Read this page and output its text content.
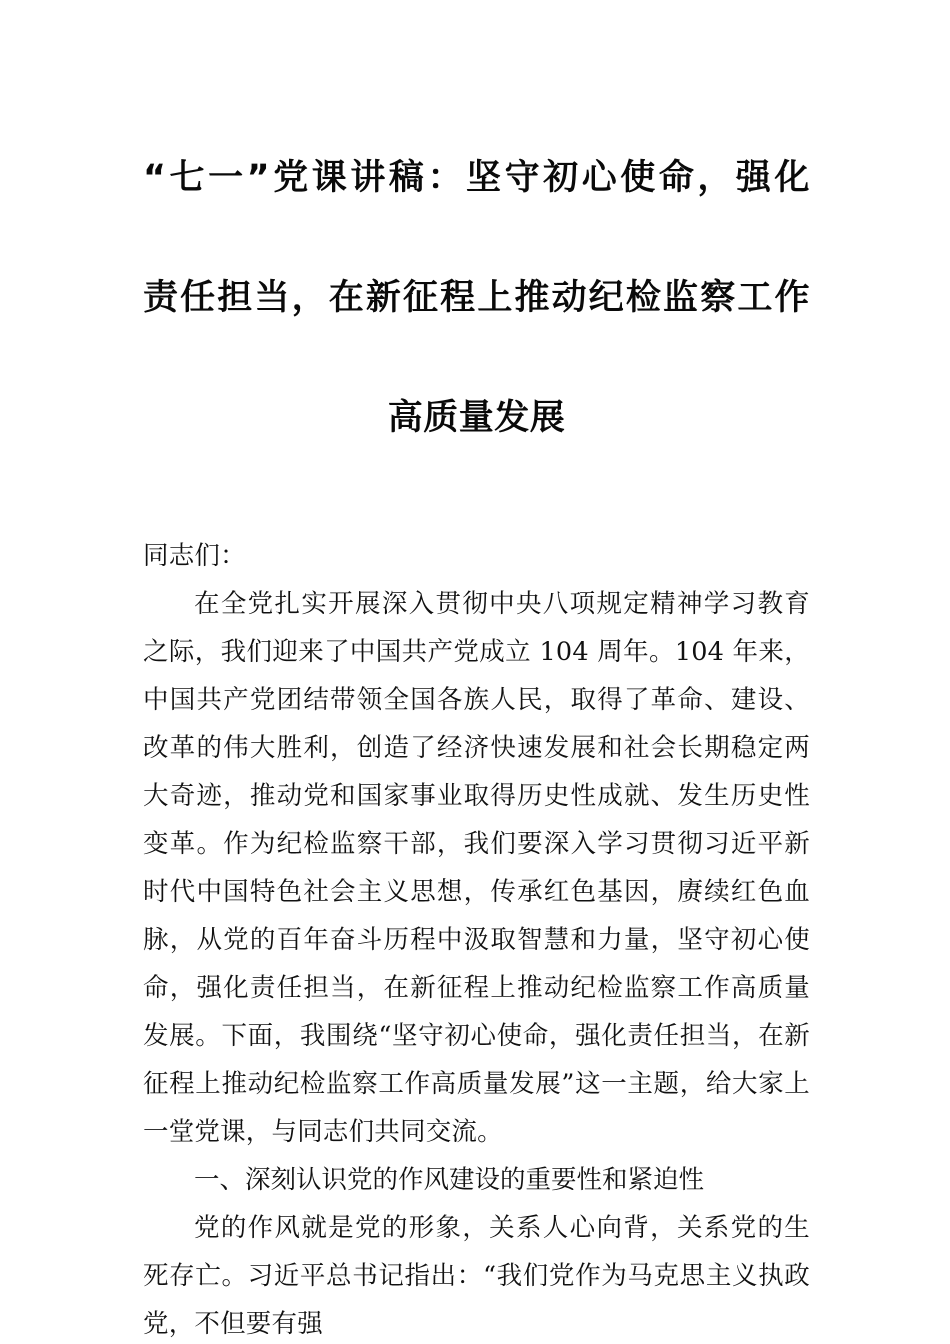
“七一”党课讲稿：坚守初心使命，强化
责任担当，在新征程上推动纪检监察工作
高质量发展

同志们：

在全党扎实开展深入贯彻中央八项规定精神学习教育之际，我们迎来了中国共产党成立 104 周年。104 年来，中国共产党团结带领全国各族人民，取得了革命、建设、改革的伟大胜利，创造了经济快速发展和社会长期稳定两大奇迹，推动党和国家事业取得历史性成就、发生历史性变革。作为纪检监察干部，我们要深入学习贯彻习近平新时代中国特色社会主义思想，传承红色基因，赓续红色血脉，从党的百年奋斗历程中汲取智慧和力量，坚守初心使命，强化责任担当，在新征程上推动纪检监察工作高质量发展。下面，我围绕“坚守初心使命，强化责任担当，在新征程上推动纪检监察工作高质量发展”这一主题，给大家上一堂党课，与同志们共同交流。

一、深刻认识党的作风建设的重要性和紧迫性

党的作风就是党的形象，关系人心向背，关系党的生死存亡。习近平总书记指出：“我们党作为马克思主义执政党，不但要有强
